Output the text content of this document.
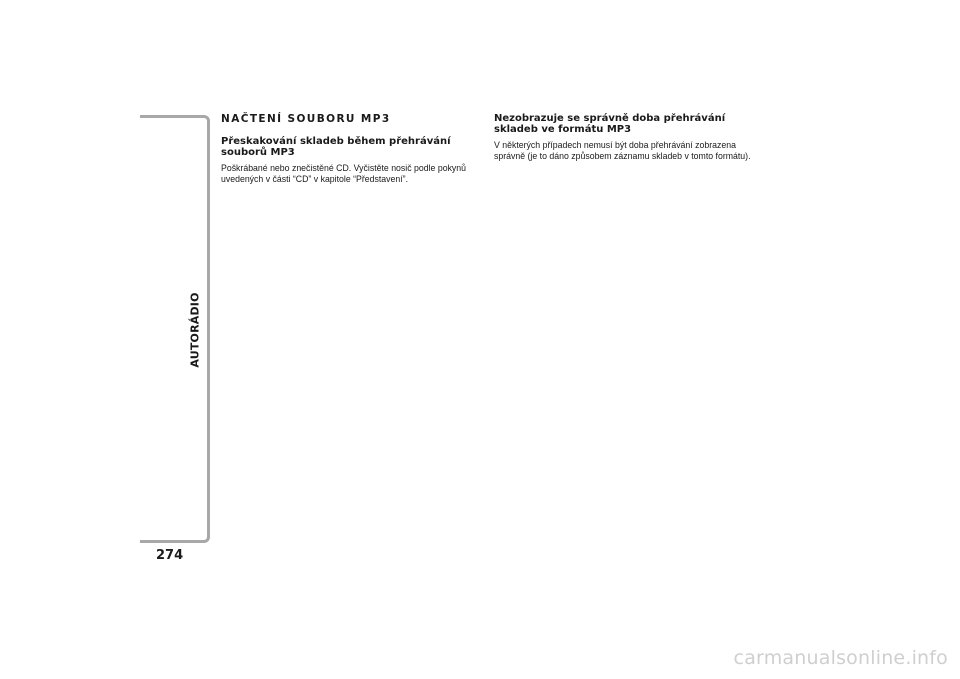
AUTORÁDIO
274
NAČTENÍ SOUBORU MP3
Přeskakování skladeb během přehrávání souborů MP3

Poškrábané nebo znečistěné CD. Vyčistěte nosič podle pokynů uvedených v části “CD” v kapitole “Představení”.

Nezobrazuje se správně doba přehrávání skladeb ve formátu MP3

V některých případech nemusí být doba přehrávání zobrazena správně (je to dáno způsobem záznamu skladeb v tomto formátu).

carmanualsonline.info
